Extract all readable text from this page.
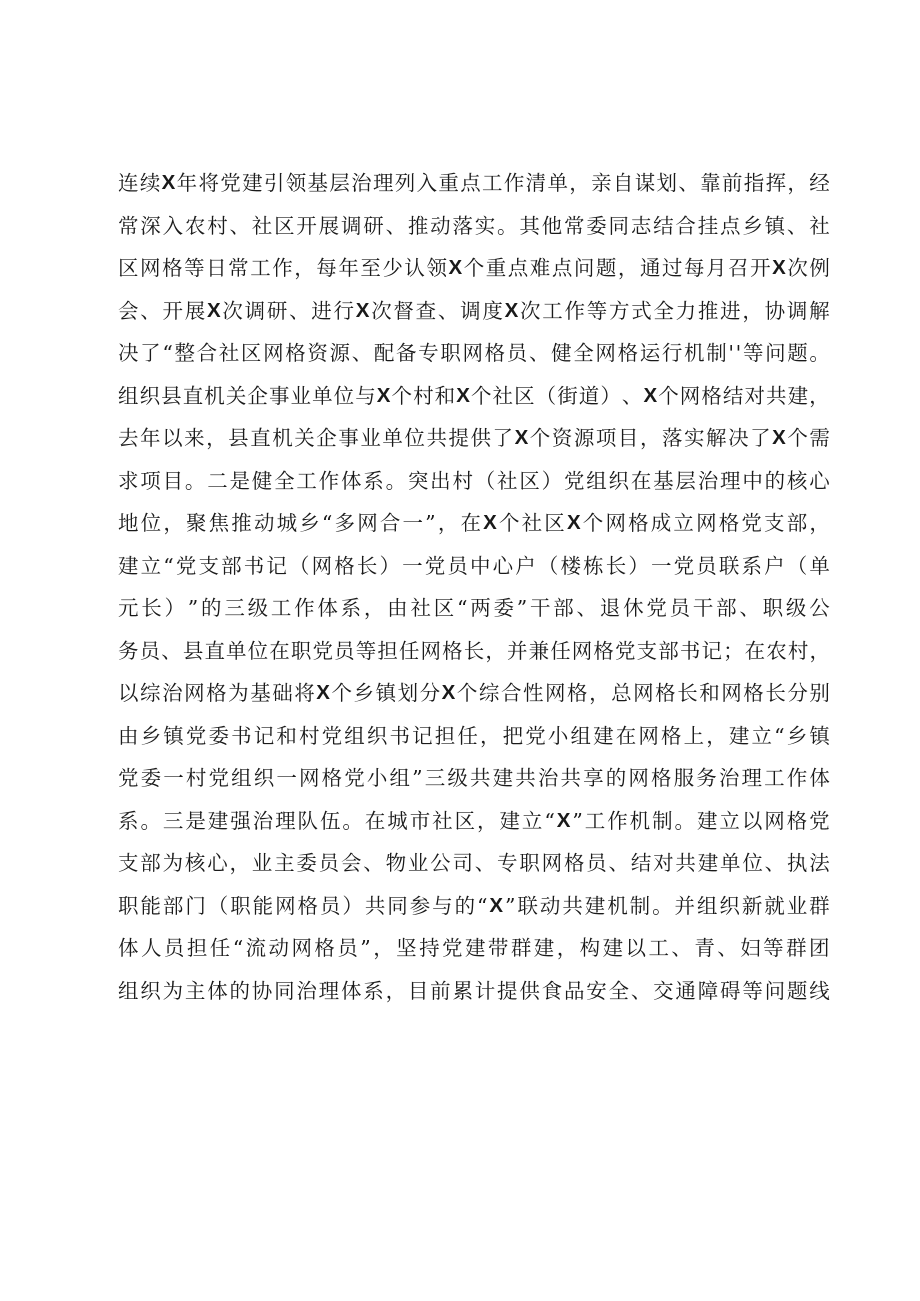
连 续 X 年 将 党 建 引 领 基 层 治 理 列 入 重 点 工 作 清 单 ， 亲 自 谋 划 、 靠 前 指 挥 ， 经
常 深 入 农 村 、 社 区 开 展 调 研 、 推 动 落 实 。 其 他 常 委 同 志 结 合 挂 点 乡 镇 、 社
区 网 格 等 日 常 工 作 ， 每 年 至 少 认 领 X 个 重 点 难 点 问 题 ， 通 过 每 月 召 开 X 次 例
会 、 开 展 X 次 调 研 、 进 行 X 次 督 查 、 调 度 X 次 工 作 等 方 式 全 力 推 进 ， 协 调 解
决 了 “ 整 合 社 区 网 格 资 源 、 配 备 专 职 网 格 员 、 健 全 网 格 运 行 机 制 ' ' 等 问 题 。
组 织 县 直 机 关 企 事 业 单 位 与 X 个 村 和 X 个 社 区 （ 街 道 ） 、 X 个 网 格 结 对 共 建 ，
去 年 以 来 ， 县 直 机 关 企 事 业 单 位 共 提 供 了 X 个 资 源 项 目 ， 落 实 解 决 了 X 个 需
求 项 目 。 二 是 健 全 工 作 体 系 。 突 出 村 （ 社 区 ） 党 组 织 在 基 层 治 理 中 的 核 心
地 位 ， 聚 焦 推 动 城 乡 “ 多 网 合 一 ” ， 在 X 个 社 区 X 个 网 格 成 立 网 格 党 支 部 ，
建 立 “ 党 支 部 书 记 （ 网 格 长 ） 一 党 员 中 心 户 （ 楼 栋 长 ） 一 党 员 联 系 户 （ 单
元 长 ） ” 的 三 级 工 作 体 系 ， 由 社 区 “ 两 委 ” 干 部 、 退 休 党 员 干 部 、 职 级 公
务 员 、 县 直 单 位 在 职 党 员 等 担 任 网 格 长 ， 并 兼 任 网 格 党 支 部 书 记 ； 在 农 村 ，
以 综 治 网 格 为 基 础 将 X 个 乡 镇 划 分 X 个 综 合 性 网 格 ， 总 网 格 长 和 网 格 长 分 别
由 乡 镇 党 委 书 记 和 村 党 组 织 书 记 担 任 ， 把 党 小 组 建 在 网 格 上 ， 建 立 “ 乡 镇
党 委 一 村 党 组 织 一 网 格 党 小 组 ” 三 级 共 建 共 治 共 享 的 网 格 服 务 治 理 工 作 体
系 。 三 是 建 强 治 理 队 伍 。 在 城 市 社 区 ， 建 立 “ X ” 工 作 机 制 。 建 立 以 网 格 党
支 部 为 核 心 ， 业 主 委 员 会 、 物 业 公 司 、 专 职 网 格 员 、 结 对 共 建 单 位 、 执 法
职 能 部 门 （ 职 能 网 格 员 ） 共 同 参 与 的 “ X ” 联 动 共 建 机 制 。 并 组 织 新 就 业 群
体 人 员 担 任 “ 流 动 网 格 员 ” ， 坚 持 党 建 带 群 建 ， 构 建 以 工 、 青 、 妇 等 群 团
组 织 为 主 体 的 协 同 治 理 体 系 ， 目 前 累 计 提 供 食 品 安 全 、 交 通 障 碍 等 问 题 线
